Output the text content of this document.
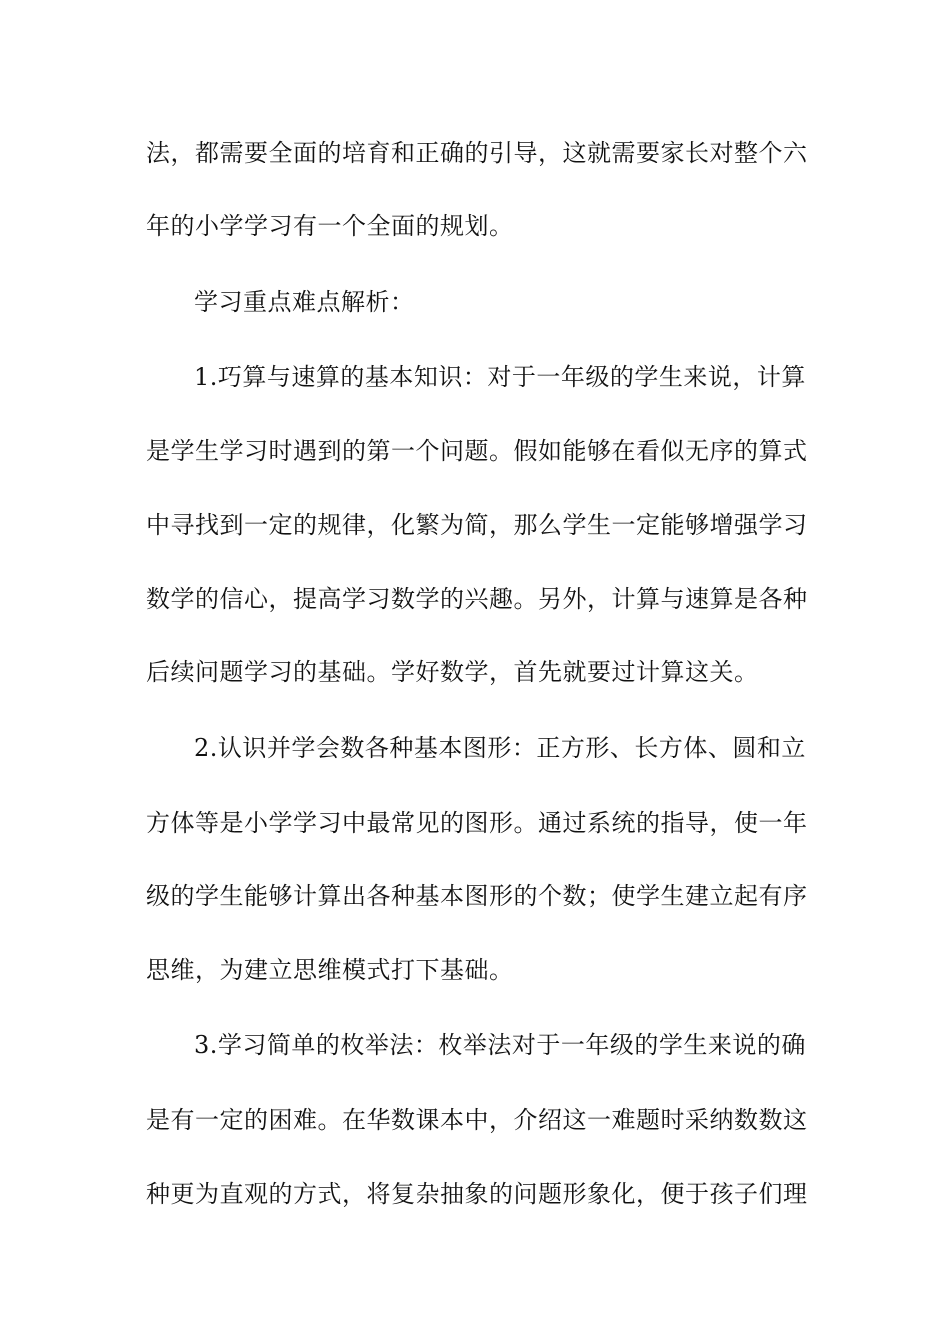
法，都需要全面的培育和正确的引导，这就需要家长对整个六
年的小学学习有一个全面的规划。
学习重点难点解析：
1.巧算与速算的基本知识：对于一年级的学生来说，计算
是学生学习时遇到的第一个问题。假如能够在看似无序的算式
中寻找到一定的规律，化繁为简，那么学生一定能够增强学习
数学的信心，提高学习数学的兴趣。另外，计算与速算是各种
后续问题学习的基础。学好数学，首先就要过计算这关。
2.认识并学会数各种基本图形：正方形、长方体、圆和立
方体等是小学学习中最常见的图形。通过系统的指导，使一年
级的学生能够计算出各种基本图形的个数；使学生建立起有序
思维，为建立思维模式打下基础。
3.学习简单的枚举法：枚举法对于一年级的学生来说的确
是有一定的困难。在华数课本中，介绍这一难题时采纳数数这
种更为直观的方式，将复杂抽象的问题形象化，便于孩子们理
